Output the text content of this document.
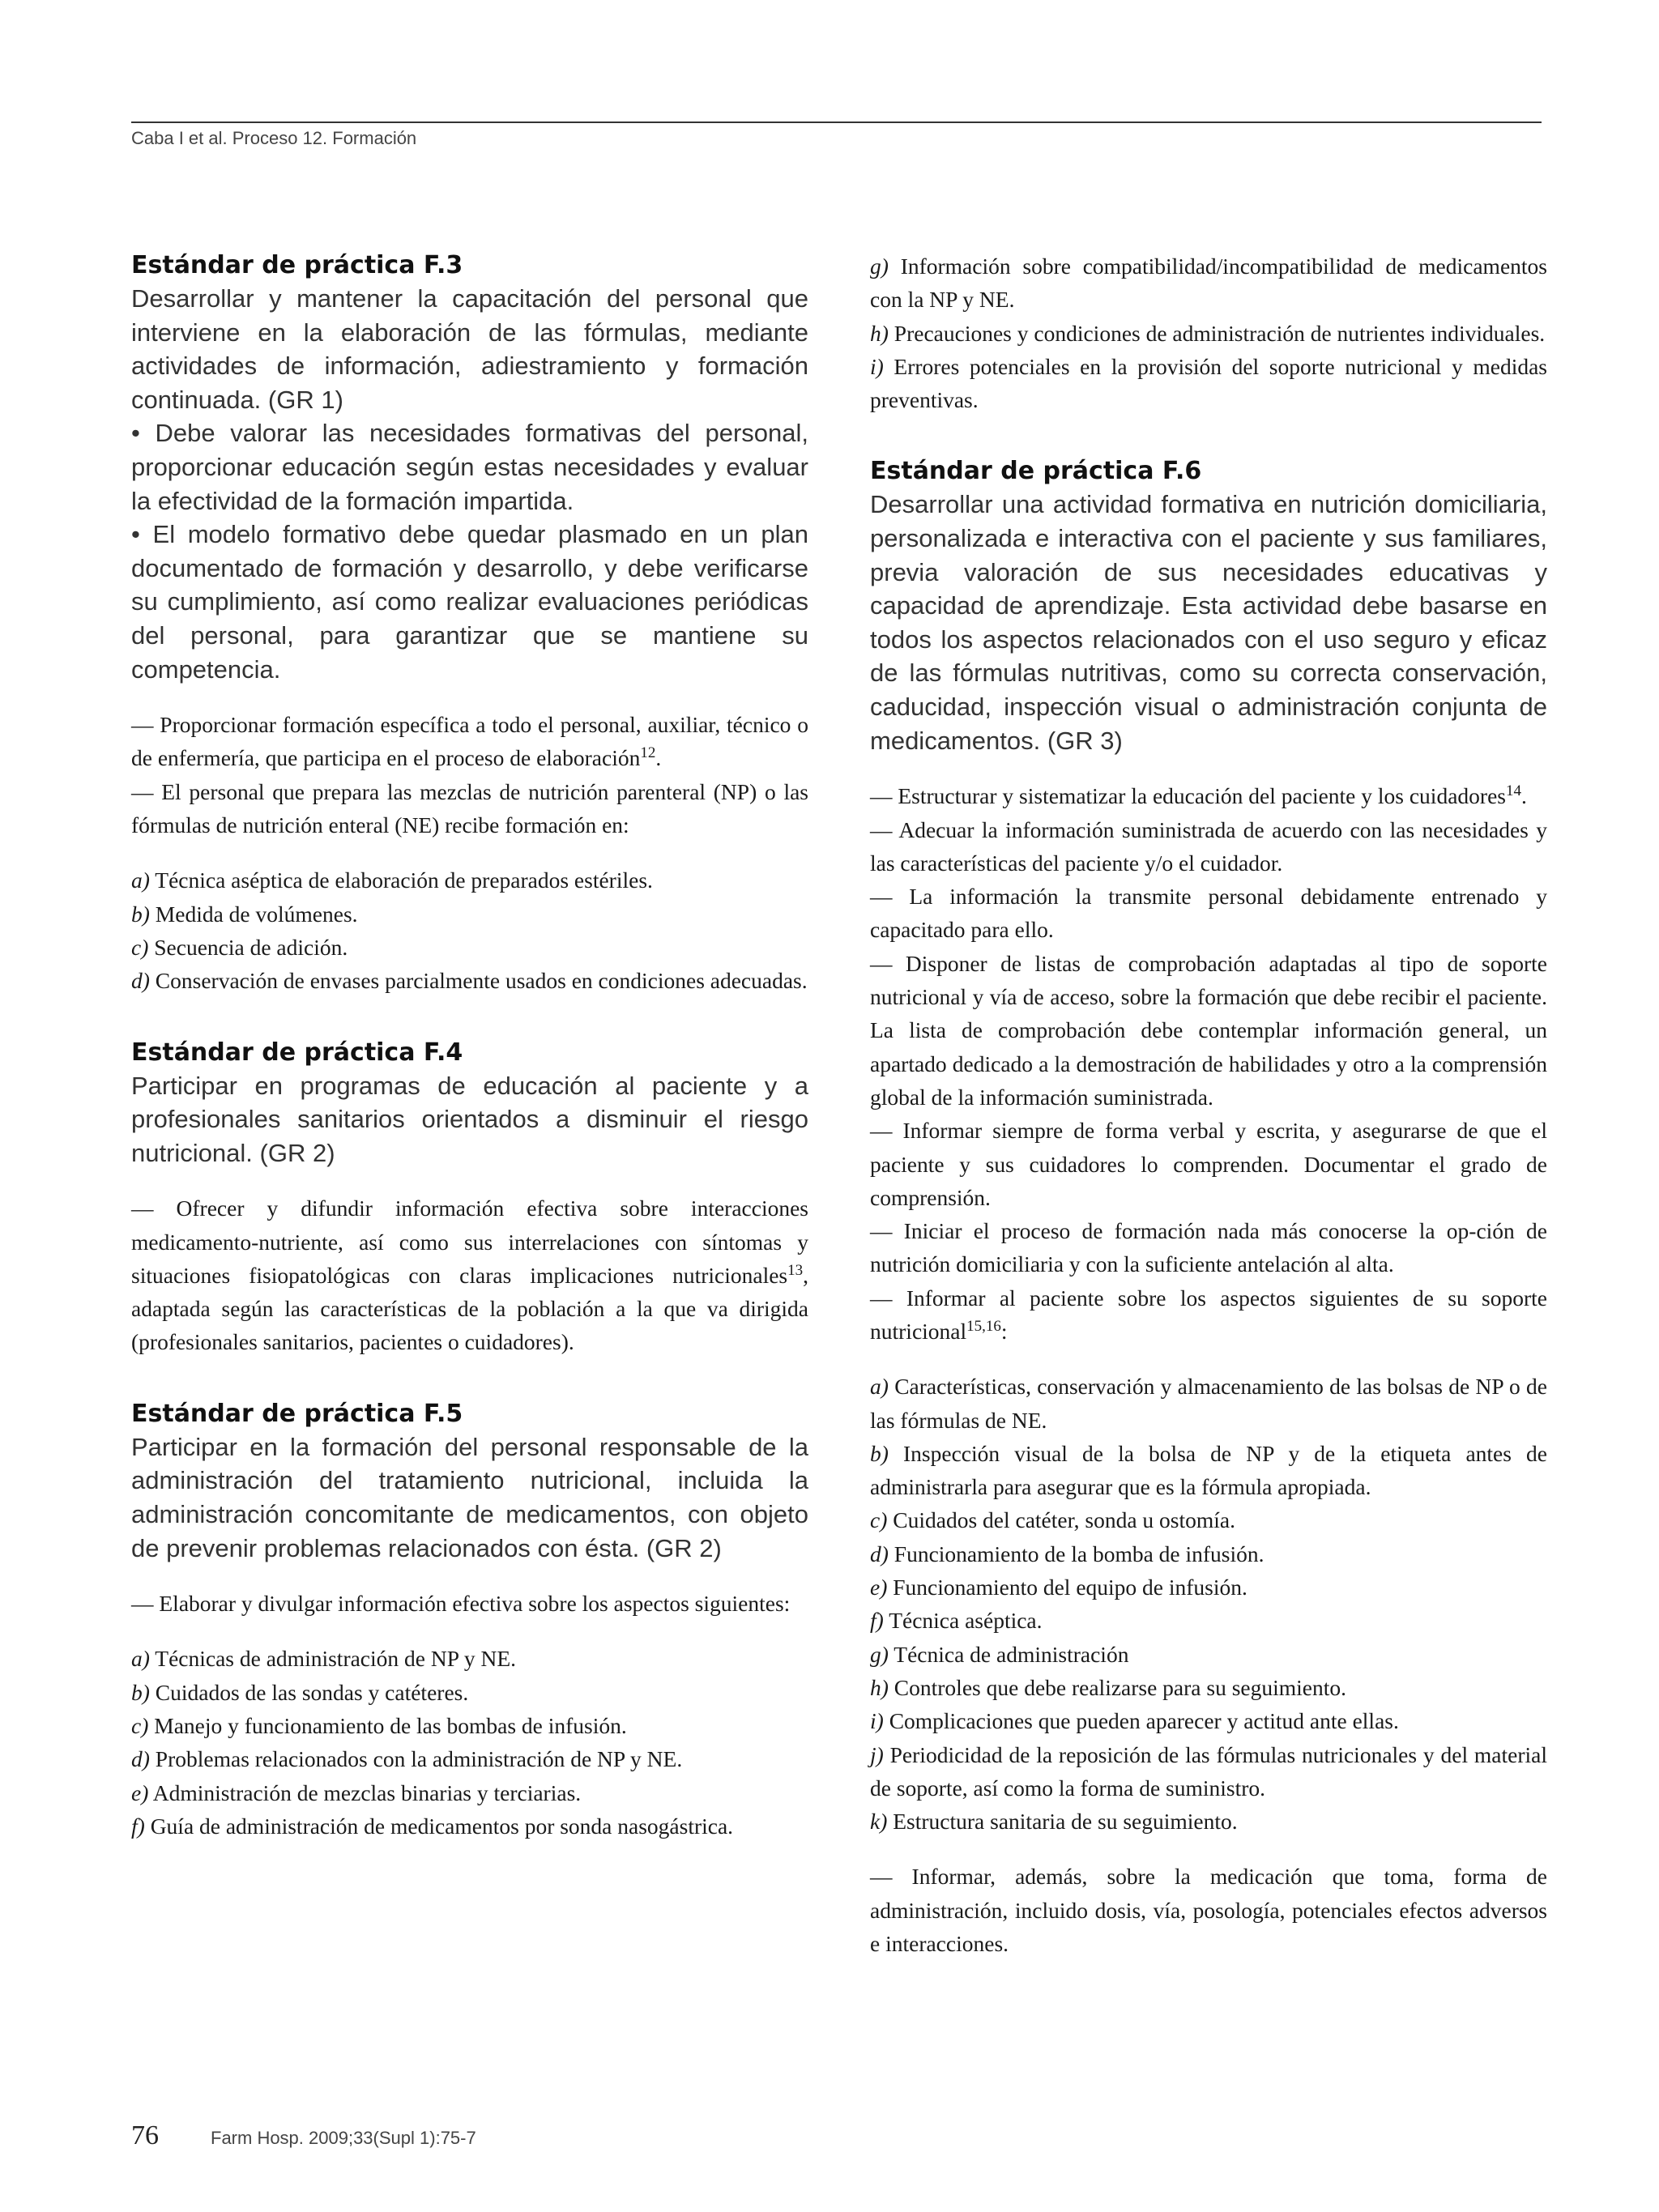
Caba I et al. Proceso 12. Formación
Estándar de práctica F.3

Desarrollar y mantener la capacitación del personal que interviene en la elaboración de las fórmulas, mediante actividades de información, adiestramiento y formación continuada. (GR 1)

• Debe valorar las necesidades formativas del personal, proporcionar educación según estas necesidades y evaluar la efectividad de la formación impartida.

• El modelo formativo debe quedar plasmado en un plan documentado de formación y desarrollo, y debe verificarse su cumplimiento, así como realizar evaluaciones periódicas del personal, para garantizar que se mantiene su competencia.

— Proporcionar formación específica a todo el personal, auxiliar, técnico o de enfermería, que participa en el proceso de elaboración$^{12}$.

— El personal que prepara las mezclas de nutrición parenteral (NP) o las fórmulas de nutrición enteral (NE) recibe formación en:

a) Técnica aséptica de elaboración de preparados estériles.

b) Medida de volúmenes.

c) Secuencia de adición.

d) Conservación de envases parcialmente usados en condiciones adecuadas.

Estándar de práctica F.4

Participar en programas de educación al paciente y a profesionales sanitarios orientados a disminuir el riesgo nutricional. (GR 2)

— Ofrecer y difundir información efectiva sobre interacciones medicamento-nutriente, así como sus interrelaciones con síntomas y situaciones fisiopatológicas con claras implicaciones nutricionales$^{13}$, adaptada según las características de la población a la que va dirigida (profesionales sanitarios, pacientes o cuidadores).

Estándar de práctica F.5

Participar en la formación del personal responsable de la administración del tratamiento nutricional, incluida la administración concomitante de medicamentos, con objeto de prevenir problemas relacionados con ésta. (GR 2)

— Elaborar y divulgar información efectiva sobre los aspectos siguientes:

a) Técnicas de administración de NP y NE.

b) Cuidados de las sondas y catéteres.

c) Manejo y funcionamiento de las bombas de infusión.

d) Problemas relacionados con la administración de NP y NE.

e) Administración de mezclas binarias y terciarias.

f) Guía de administración de medicamentos por sonda nasogástrica.

g) Información sobre compatibilidad/incompatibilidad de medicamentos con la NP y NE.

h) Precauciones y condiciones de administración de nutrientes individuales.

i) Errores potenciales en la provisión del soporte nutricional y medidas preventivas.

Estándar de práctica F.6

Desarrollar una actividad formativa en nutrición domiciliaria, personalizada e interactiva con el paciente y sus familiares, previa valoración de sus necesidades educativas y capacidad de aprendizaje. Esta actividad debe basarse en todos los aspectos relacionados con el uso seguro y eficaz de las fórmulas nutritivas, como su correcta conservación, caducidad, inspección visual o administración conjunta de medicamentos. (GR 3)

— Estructurar y sistematizar la educación del paciente y los cuidadores$^{14}$.

— Adecuar la información suministrada de acuerdo con las necesidades y las características del paciente y/o el cuidador.

— La información la transmite personal debidamente entrenado y capacitado para ello.

— Disponer de listas de comprobación adaptadas al tipo de soporte nutricional y vía de acceso, sobre la formación que debe recibir el paciente. La lista de comprobación debe contemplar información general, un apartado dedicado a la demostración de habilidades y otro a la comprensión global de la información suministrada.

— Informar siempre de forma verbal y escrita, y asegurarse de que el paciente y sus cuidadores lo comprenden. Documentar el grado de comprensión.

— Iniciar el proceso de formación nada más conocerse la op-ción de nutrición domiciliaria y con la suficiente antelación al alta.

— Informar al paciente sobre los aspectos siguientes de su soporte nutricional$^{15,16}$:

a) Características, conservación y almacenamiento de las bolsas de NP o de las fórmulas de NE.

b) Inspección visual de la bolsa de NP y de la etiqueta antes de administrarla para asegurar que es la fórmula apropiada.

c) Cuidados del catéter, sonda u ostomía.

d) Funcionamiento de la bomba de infusión.

e) Funcionamiento del equipo de infusión.

f) Técnica aséptica.

g) Técnica de administración

h) Controles que debe realizarse para su seguimiento.

i) Complicaciones que pueden aparecer y actitud ante ellas.

j) Periodicidad de la reposición de las fórmulas nutricionales y del material de soporte, así como la forma de suministro.

k) Estructura sanitaria de su seguimiento.

— Informar, además, sobre la medicación que toma, forma de administración, incluido dosis, vía, posología, potenciales efectos adversos e interacciones.

76	Farm Hosp. 2009;33(Supl 1):75-7
